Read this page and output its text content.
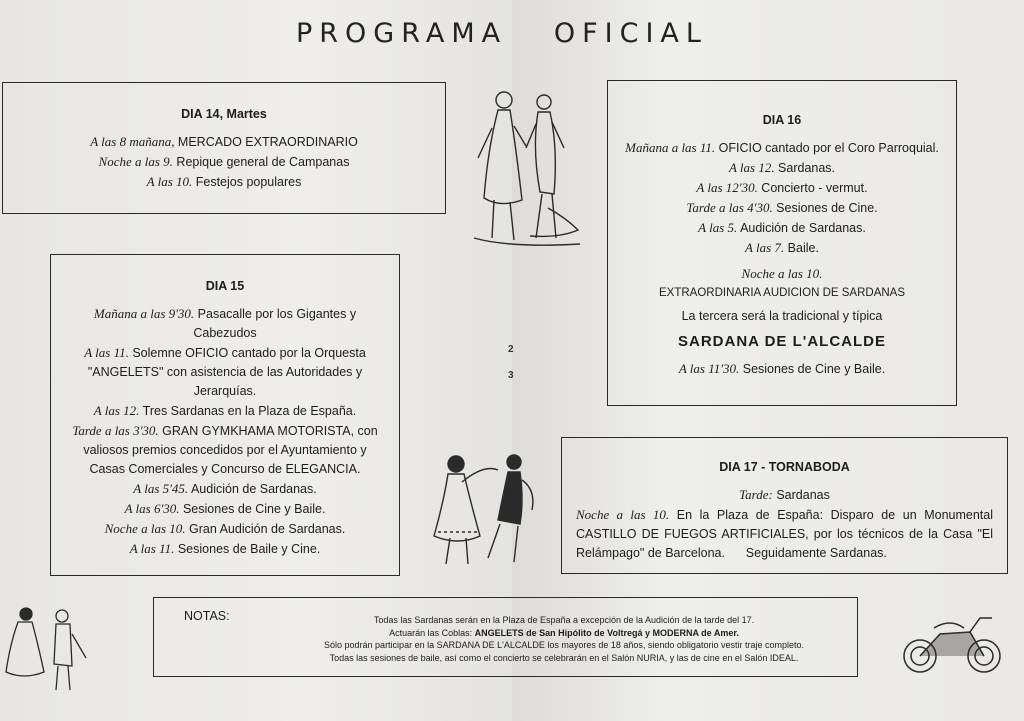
PROGRAMA   OFICIAL
DIA 14, Martes
A las 8 mañana, MERCADO EXTRAORDINARIO
Noche a las 9. Repique general de Campanas
A las 10. Festejos populares
DIA 15
Mañana a las 9'30. Pasacalle por los Gigantes y Cabezudos
A las 11. Solemne OFICIO cantado por la Orquesta "ANGELETS" con asistencia de las Autoridades y Jerarquías.
A las 12. Tres Sardanas en la Plaza de España.
Tarde a las 3'30. GRAN GYMKHAMA MOTORISTA, con valiosos premios concedidos por el Ayuntamiento y Casas Comerciales y Concurso de ELEGANCIA.
A las 5'45. Audición de Sardanas.
A las 6'30. Sesiones de Cine y Baile.
Noche a las 10. Gran Audición de Sardanas.
A las 11. Sesiones de Baile y Cine.
DIA 16
Mañana a las 11. OFICIO cantado por el Coro Parroquial.
A las 12. Sardanas.
A las 12'30. Concierto - vermut.
Tarde a las 4'30. Sesiones de Cine.
A las 5. Audición de Sardanas.
A las 7. Baile.
Noche a las 10.
EXTRAORDINARIA AUDICION DE SARDANAS
La tercera será la tradicional y típica
SARDANA DE L'ALCALDE
A las 11'30. Sesiones de Cine y Baile.
DIA 17 - TORNABODA
Tarde: Sardanas
Noche a las 10. En la Plaza de España: Disparo de un Monumental CASTILLO DE FUEGOS ARTIFICIALES, por los técnicos de la Casa "El Relámpago" de Barcelona.      Seguidamente Sardanas.
NOTAS:	Todas las Sardanas serán en la Plaza de España a excepción de la Audición de la tarde del 17.
Actuarán las Coblas: ANGELETS de San Hipólito de Voltregá y MODERNA de Amer.
Sólo podrán participar en la SARDANA DE L'ALCALDE los mayores de 18 años, siendo obligatorio vestir traje completo.
Todas las sesiones de baile, así como el concierto se celebrarán en el Salón NURIA, y las de cine en el Salón IDEAL.
2
3
